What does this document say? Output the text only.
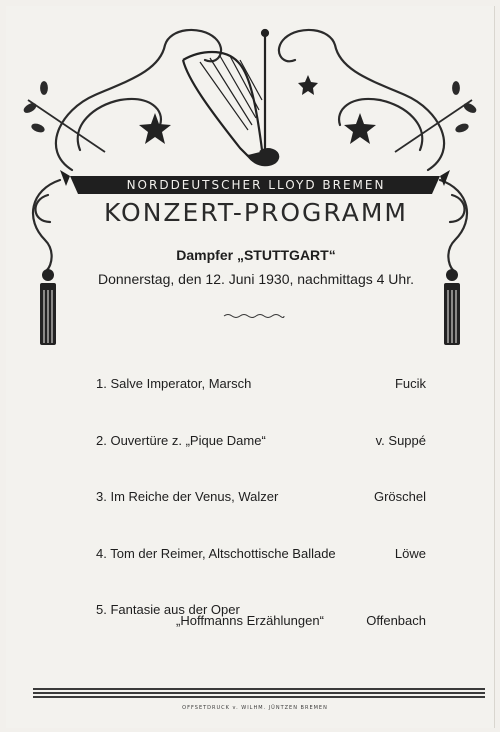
NORDDEUTSCHER LLOYD BREMEN
KONZERT-PROGRAMM
Dampfer „STUTTGART“
Donnerstag, den 12. Juni 1930, nachmittags 4 Uhr.
1. Salve Imperator, Marsch	Fucik
2. Ouvertüre z. „Pique Dame“	v. Suppé
3. Im Reiche der Venus, Walzer	Gröschel
4. Tom der Reimer, Altschottische Ballade	Löwe
5. Fantasie aus der Oper
„Hoffmanns Erzählungen“	Offenbach
OFFSETDRUCK v. WILHM. JÜNTZEN BREMEN
